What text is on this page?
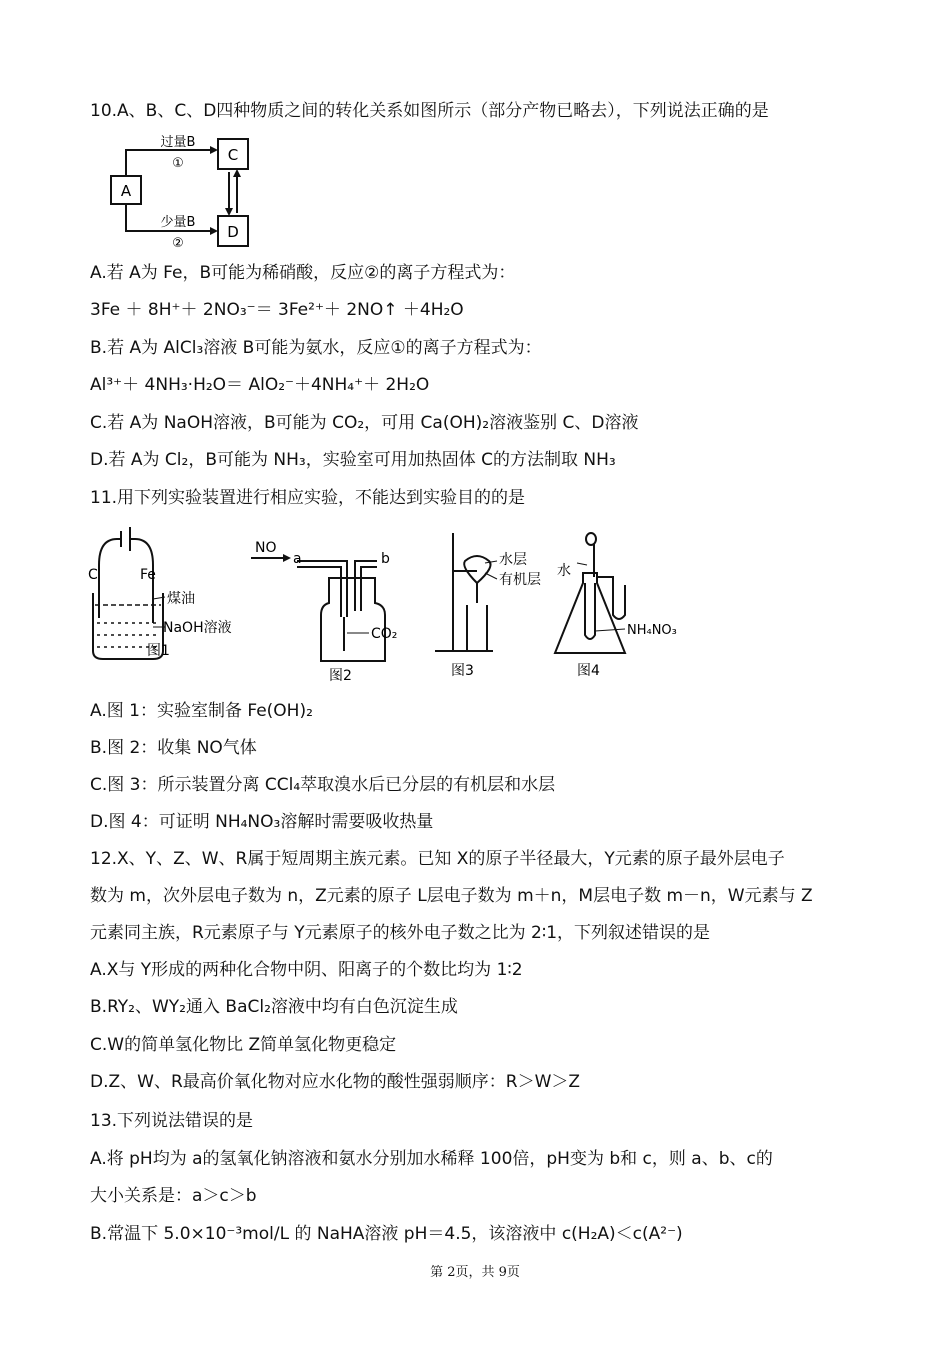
10.A、B、C、D四种物质之间的转化关系如图所示（部分产物已略去），下列说法正确的是
A
C
D
过量B
①
少量B
②
A.若 A为 Fe，B可能为稀硝酸，反应②的离子方程式为：
3Fe ＋ 8H⁺＋ 2NO₃⁻＝ 3Fe²⁺＋ 2NO↑ ＋4H₂O
B.若 A为 AlCl₃溶液 B可能为氨水，反应①的离子方程式为：
Al³⁺＋ 4NH₃·H₂O＝ AlO₂⁻＋4NH₄⁺＋ 2H₂O
C.若 A为 NaOH溶液，B可能为 CO₂，可用 Ca(OH)₂溶液鉴别 C、D溶液
D.若 A为 Cl₂，B可能为 NH₃，实验室可用加热固体 C的方法制取 NH₃
11.用下列实验装置进行相应实验，不能达到实验目的的是
C	Fe
煤油
NaOH溶液
图1
NO
a	b
CO₂
图2
水层
有机层
图3
水
NH₄NO₃
图4
A.图 1：实验室制备 Fe(OH)₂
B.图 2：收集 NO气体
C.图 3：所示装置分离 CCl₄萃取溴水后已分层的有机层和水层
D.图 4：可证明 NH₄NO₃溶解时需要吸收热量
12.X、Y、Z、W、R属于短周期主族元素。已知 X的原子半径最大，Y元素的原子最外层电子
数为 m，次外层电子数为 n，Z元素的原子 L层电子数为 m＋n，M层电子数 m－n，W元素与 Z
元素同主族，R元素原子与 Y元素原子的核外电子数之比为 2∶1，下列叙述错误的是
A.X与 Y形成的两种化合物中阴、阳离子的个数比均为 1∶2
B.RY₂、WY₂通入 BaCl₂溶液中均有白色沉淀生成
C.W的简单氢化物比 Z简单氢化物更稳定
D.Z、W、R最高价氧化物对应水化物的酸性强弱顺序：R＞W＞Z
13.下列说法错误的是
A.将 pH均为 a的氢氧化钠溶液和氨水分别加水稀释 100倍，pH变为 b和 c，则 a、b、c的
大小关系是：a＞c＞b
B.常温下 5.0×10⁻³mol/L 的 NaHA溶液 pH＝4.5，该溶液中 c(H₂A)＜c(A²⁻)
第 2页，共 9页
